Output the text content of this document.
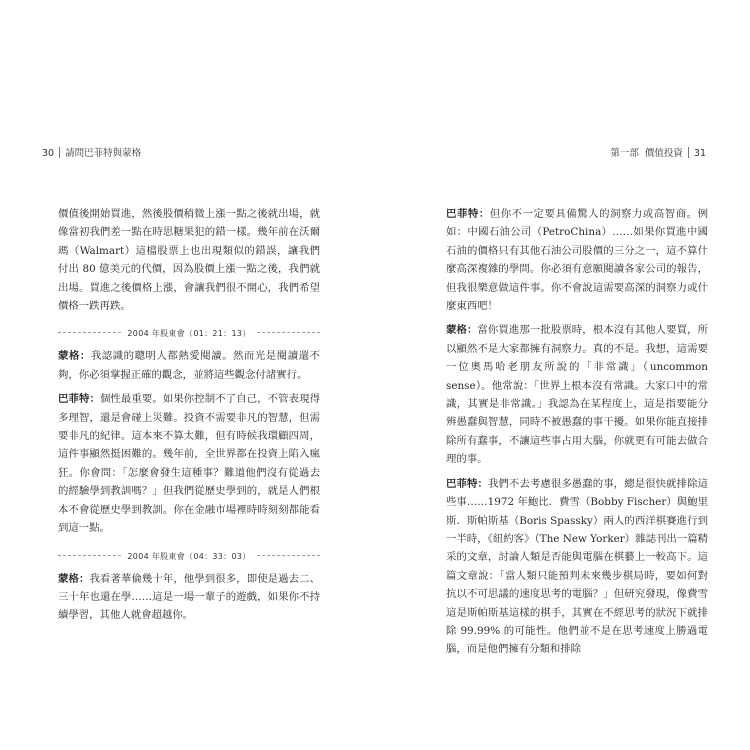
30 請問巴菲特與蒙格

價值後開始買進，然後股價稍微上漲一點之後就出場，就像當初我們差一點在時思糖果犯的錯一樣。幾年前在沃爾瑪（Walmart）這檔股票上也出現類似的錯誤，讓我們付出 80 億美元的代價，因為股價上漲一點之後，我們就出場。買進之後價格上漲，會讓我們很不開心，我們希望價格一跌再跌。

2004 年股東會（01：21：13）

蒙格：我認識的聰明人都熱愛閱讀。然而光是閱讀還不夠，你必須掌握正確的觀念，並將這些觀念付諸實行。

巴菲特：個性最重要。如果你控制不了自己，不管表現得多理智，還是會碰上災難。投資不需要非凡的智慧，但需要非凡的紀律。這本來不算太難，但有時候我環顧四周，這件事顯然挺困難的。幾年前，全世界都在投資上陷入瘋狂。你會問：「怎麼會發生這種事？難道他們沒有從過去的經驗學到教訓嗎？」但我們從歷史學到的，就是人們根本不會從歷史學到教訓。你在金融市場裡時時刻刻都能看到這一點。

2004 年股東會（04：33：03）

蒙格：我看著華倫幾十年，他學到很多，即使是過去二、三十年也還在學……這是一場一輩子的遊戲，如果你不持續學習，其他人就會超越你。

第一部 價值投資 31

巴菲特：但你不一定要具備驚人的洞察力或高智商。例如：中國石油公司（PetroChina）……如果你買進中國石油的價格只有其他石油公司股價的三分之一，這不算什麼高深複雜的學問。你必須有意願閱讀各家公司的報告，但我很樂意做這件事。你不會說這需要高深的洞察力或什麼東西吧！

蒙格：當你買進那一批股票時，根本沒有其他人要買，所以顯然不是大家都擁有洞察力。真的不是。我想，這需要一位奧馬哈老朋友所說的「非常識」（uncommon sense）。他常說：「世界上根本沒有常識。大家口中的常識，其實是非常識。」我認為在某程度上，這是指要能分辨愚蠢與智慧，同時不被愚蠢的事干擾。如果你能直接排除所有蠢事，不讓這些事占用大腦，你就更有可能去做合理的事。

巴菲特：我們不去考慮很多愚蠢的事，總是很快就排除這些事……1972 年鮑比．費雪（Bobby Fischer）與鮑里斯．斯帕斯基（Boris Spassky）兩人的西洋棋賽進行到一半時，《紐約客》（The New Yorker）雜誌刊出一篇精采的文章，討論人類是否能與電腦在棋藝上一較高下。這篇文章說：「當人類只能預判未來幾步棋局時，要如何對抗以不可思議的速度思考的電腦？」但研究發現，像費雪這是斯帕斯基這樣的棋手，其實在不經思考的狀況下就排除 99.99% 的可能性。他們並不是在思考速度上勝過電腦，而是他們擁有分類和排除
